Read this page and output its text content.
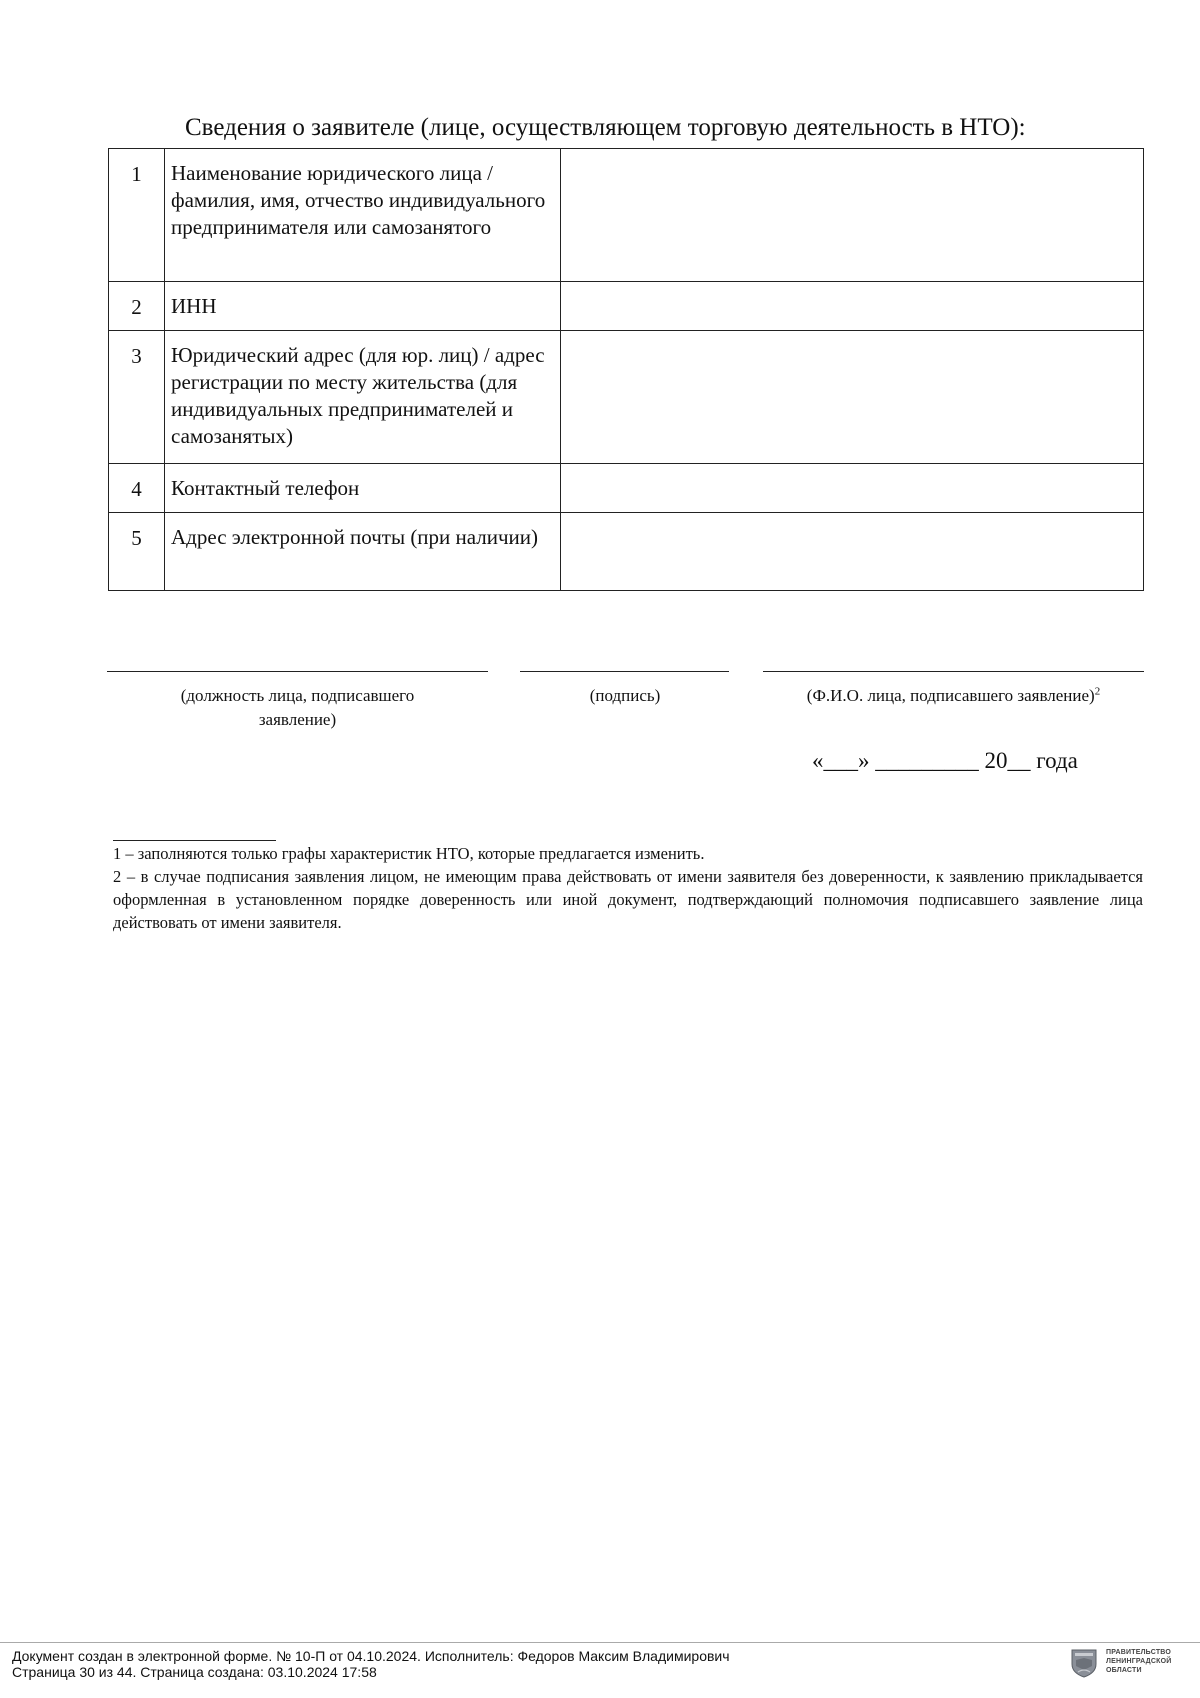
Сведения о заявителе (лице, осуществляющем торговую деятельность в НТО):
1	Наименование юридического лица / фамилия, имя, отчество индивидуального предпринимателя или самозанятого	
2	ИНН	
3	Юридический адрес (для юр. лиц) / адрес регистрации по месту жительства (для индивидуальных предпринимателей и самозанятых)	
4	Контактный телефон	
5	Адрес электронной почты (при наличии)	
(должность лица, подписавшего заявление)
(подпись)	(Ф.И.О. лица, подписавшего заявление)$^2$
«___» _________ 20__ года

1 – заполняются только графы характеристик НТО, которые предлагается изменить.

2 – в случае подписания заявления лицом, не имеющим права действовать от имени заявителя без доверенности, к заявлению прикладывается оформленная в установленном порядке доверенность или иной документ, подтверждающий полномочия подписавшего заявление лица действовать от имени заявителя.

Документ создан в электронной форме. № 10-П от 04.10.2024. Исполнитель: Федоров Максим Владимирович
Страница 30 из 44. Страница создана: 03.10.2024 17:58
ПРАВИТЕЛЬСТВО
ЛЕНИНГРАДСКОЙ
ОБЛАСТИ
